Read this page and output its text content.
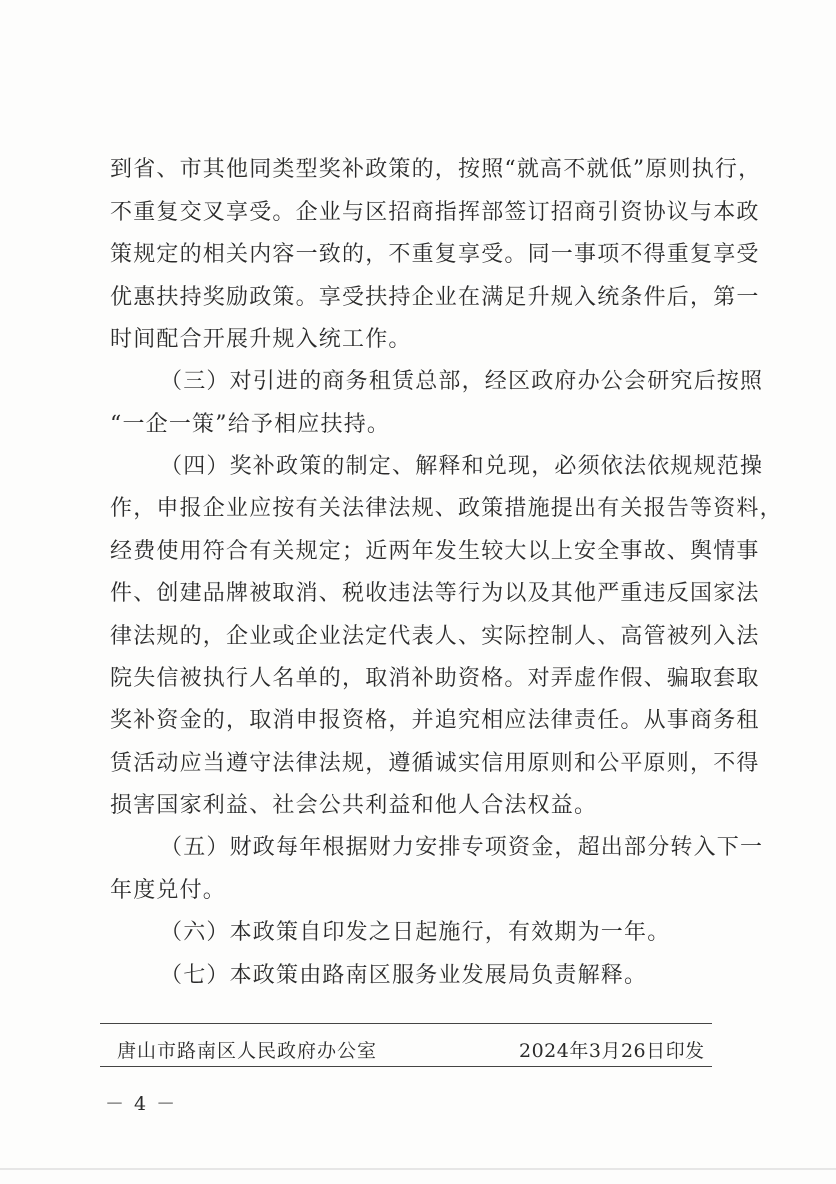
到省、市其他同类型奖补政策的，按照“就高不就低”原则执行，
不重复交叉享受。企业与区招商指挥部签订招商引资协议与本政
策规定的相关内容一致的，不重复享受。同一事项不得重复享受
优惠扶持奖励政策。享受扶持企业在满足升规入统条件后，第一
时间配合开展升规入统工作。
（三）对引进的商务租赁总部，经区政府办公会研究后按照
“一企一策”给予相应扶持。
（四）奖补政策的制定、解释和兑现，必须依法依规规范操
作，申报企业应按有关法律法规、政策措施提出有关报告等资料，
经费使用符合有关规定；近两年发生较大以上安全事故、舆情事
件、创建品牌被取消、税收违法等行为以及其他严重违反国家法
律法规的，企业或企业法定代表人、实际控制人、高管被列入法
院失信被执行人名单的，取消补助资格。对弄虚作假、骗取套取
奖补资金的，取消申报资格，并追究相应法律责任。从事商务租
赁活动应当遵守法律法规，遵循诚实信用原则和公平原则，不得
损害国家利益、社会公共利益和他人合法权益。
（五）财政每年根据财力安排专项资金，超出部分转入下一
年度兑付。
（六）本政策自印发之日起施行，有效期为一年。
（七）本政策由路南区服务业发展局负责解释。
唐山市路南区人民政府办公室	2024年3月26日印发
－ 4 －
